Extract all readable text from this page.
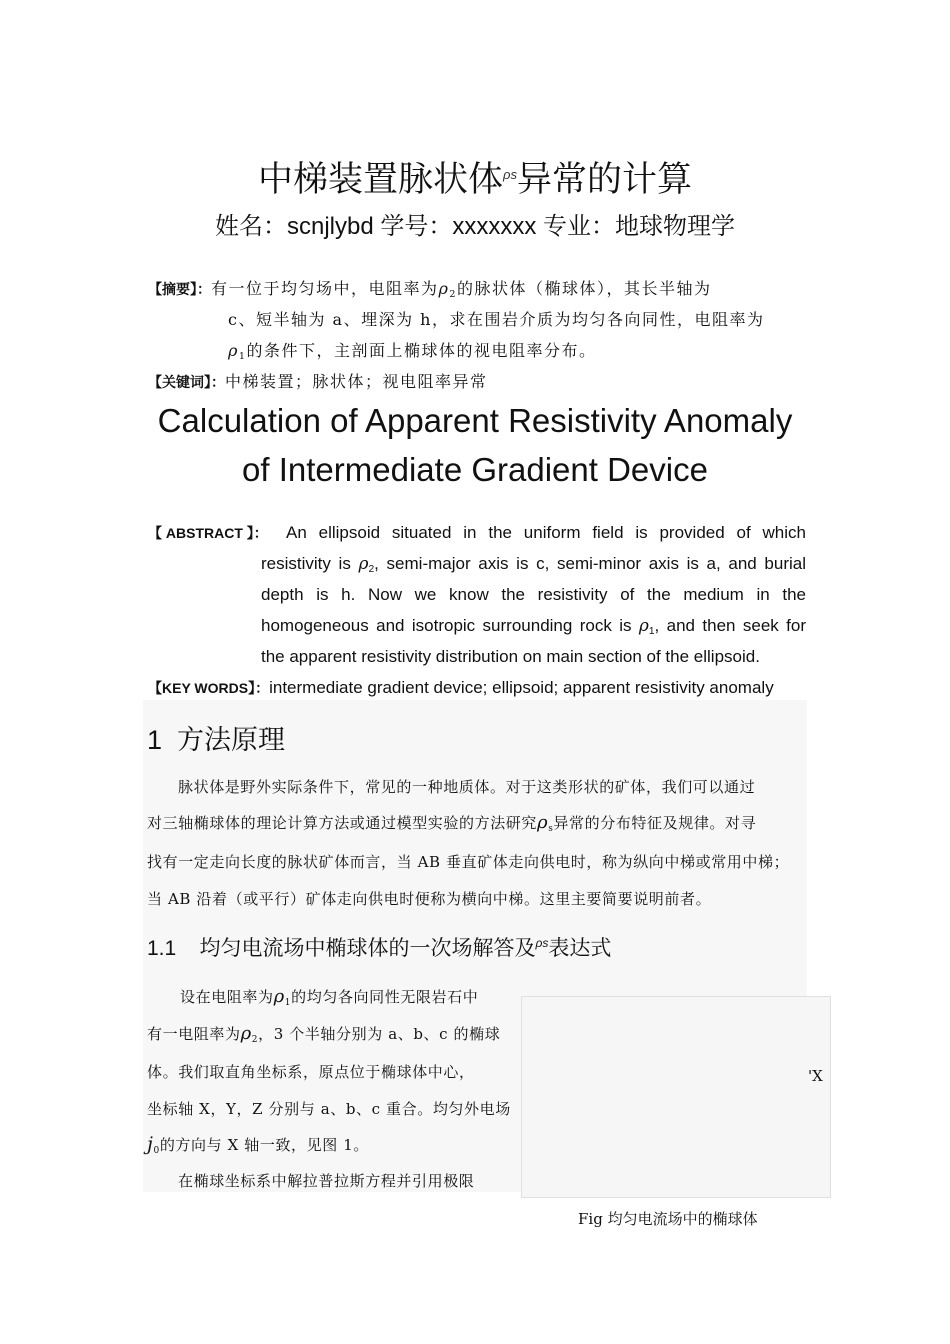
中梯装置脉状体$^{\rho s}$异常的计算
姓名：scnjlybd 学号：xxxxxxx 专业：地球物理学
【摘要】：有一位于均匀场中，电阻率为$\rho_2$的脉状体（椭球体），其长半轴为
c、短半轴为 a、埋深为 h，求在围岩介质为均匀各向同性，电阻率为
$\rho_1$的条件下，主剖面上椭球体的视电阻率分布。
【关键词】：中梯装置；脉状体；视电阻率异常
Calculation of Apparent Resistivity Anomaly
of Intermediate Gradient Device
【 ABSTRACT 】： An ellipsoid situated in the uniform field is provided of which
resistivity is $\rho_2$, semi-major axis is c, semi-minor axis is a, and burial
depth is h. Now we know the resistivity of the medium in the
homogeneous and isotropic surrounding rock is $\rho_1$, and then seek for
the apparent resistivity distribution on main section of the ellipsoid.
【KEY WORDS】：intermediate gradient device; ellipsoid; apparent resistivity anomaly
1 方法原理
脉状体是野外实际条件下，常见的一种地质体。对于这类形状的矿体，我们可以通过
对三轴椭球体的理论计算方法或通过模型实验的方法研究$\rho_s$异常的分布特征及规律。对寻
找有一定走向长度的脉状矿体而言，当 AB 垂直矿体走向供电时，称为纵向中梯或常用中梯；
当 AB 沿着（或平行）矿体走向供电时便称为横向中梯。这里主要简要说明前者。
1.1 均匀电流场中椭球体的一次场解答及$^{\rho s}$表达式
设在电阻率为$\rho_1$的均匀各向同性无限岩石中
有一电阻率为$\rho_2$，3 个半轴分别为 a、b、c 的椭球
体。我们取直角坐标系，原点位于椭球体中心，
坐标轴 X，Y，Z 分别与 a、b、c 重合。均匀外电场
$j_0$的方向与 X 轴一致，见图 1。
在椭球坐标系中解拉普拉斯方程并引用极限
'X
Fig 均匀电流场中的椭球体
